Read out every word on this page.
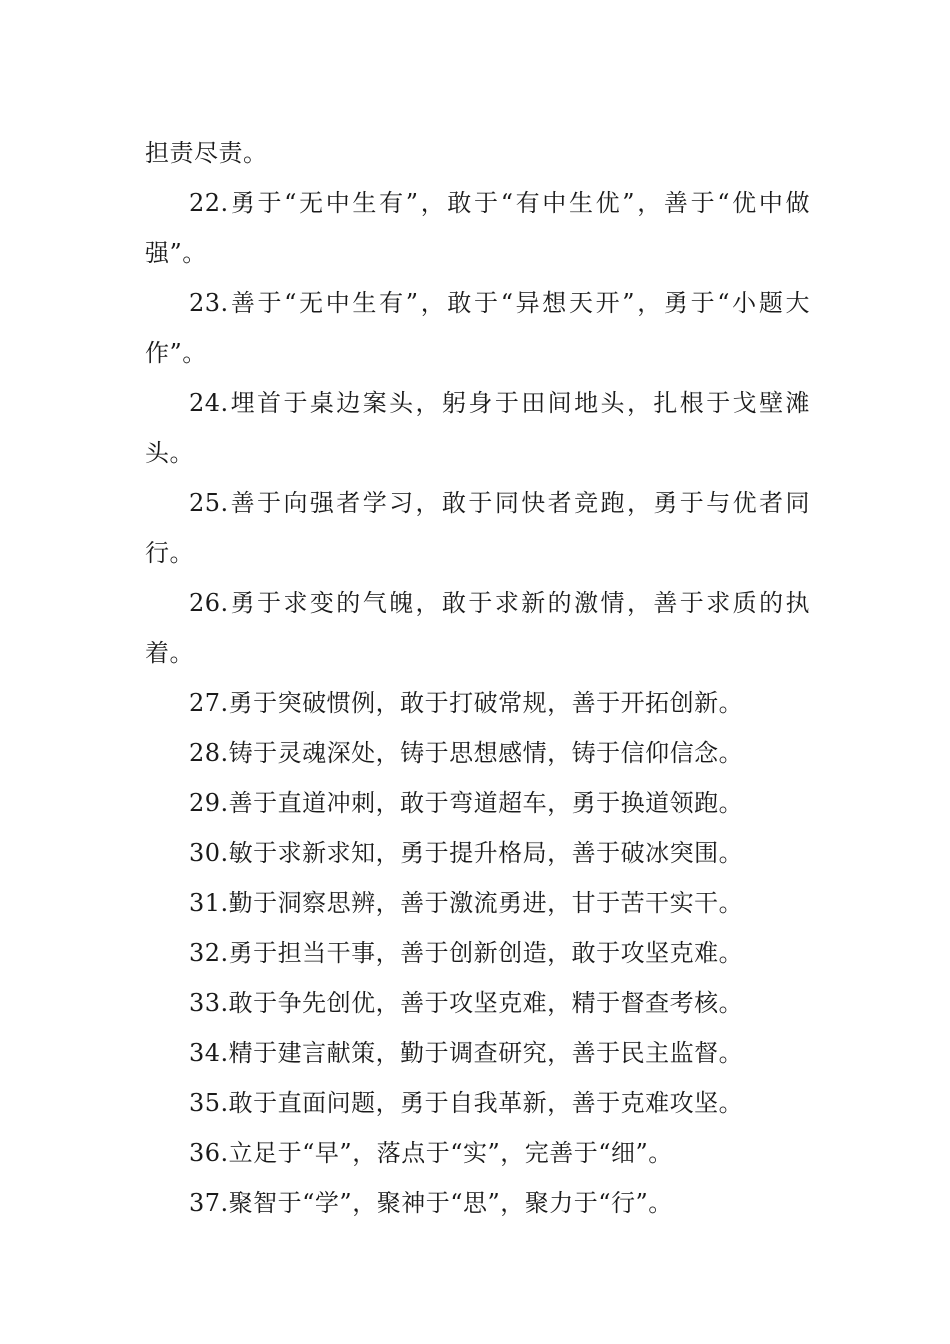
担责尽责。

22.勇于“无中生有”，敢于“有中生优”，善于“优中做强”。

23.善于“无中生有”，敢于“异想天开”，勇于“小题大作”。

24.埋首于桌边案头，躬身于田间地头，扎根于戈壁滩头。

25.善于向强者学习，敢于同快者竞跑，勇于与优者同行。

26.勇于求变的气魄，敢于求新的激情，善于求质的执着。

27.勇于突破惯例，敢于打破常规，善于开拓创新。

28.铸于灵魂深处，铸于思想感情，铸于信仰信念。

29.善于直道冲刺，敢于弯道超车，勇于换道领跑。

30.敏于求新求知，勇于提升格局，善于破冰突围。

31.勤于洞察思辨，善于激流勇进，甘于苦干实干。

32.勇于担当干事，善于创新创造，敢于攻坚克难。

33.敢于争先创优，善于攻坚克难，精于督查考核。

34.精于建言献策，勤于调查研究，善于民主监督。

35.敢于直面问题，勇于自我革新，善于克难攻坚。

36.立足于“早”，落点于“实”，完善于“细”。

37.聚智于“学”，聚神于“思”，聚力于“行”。
